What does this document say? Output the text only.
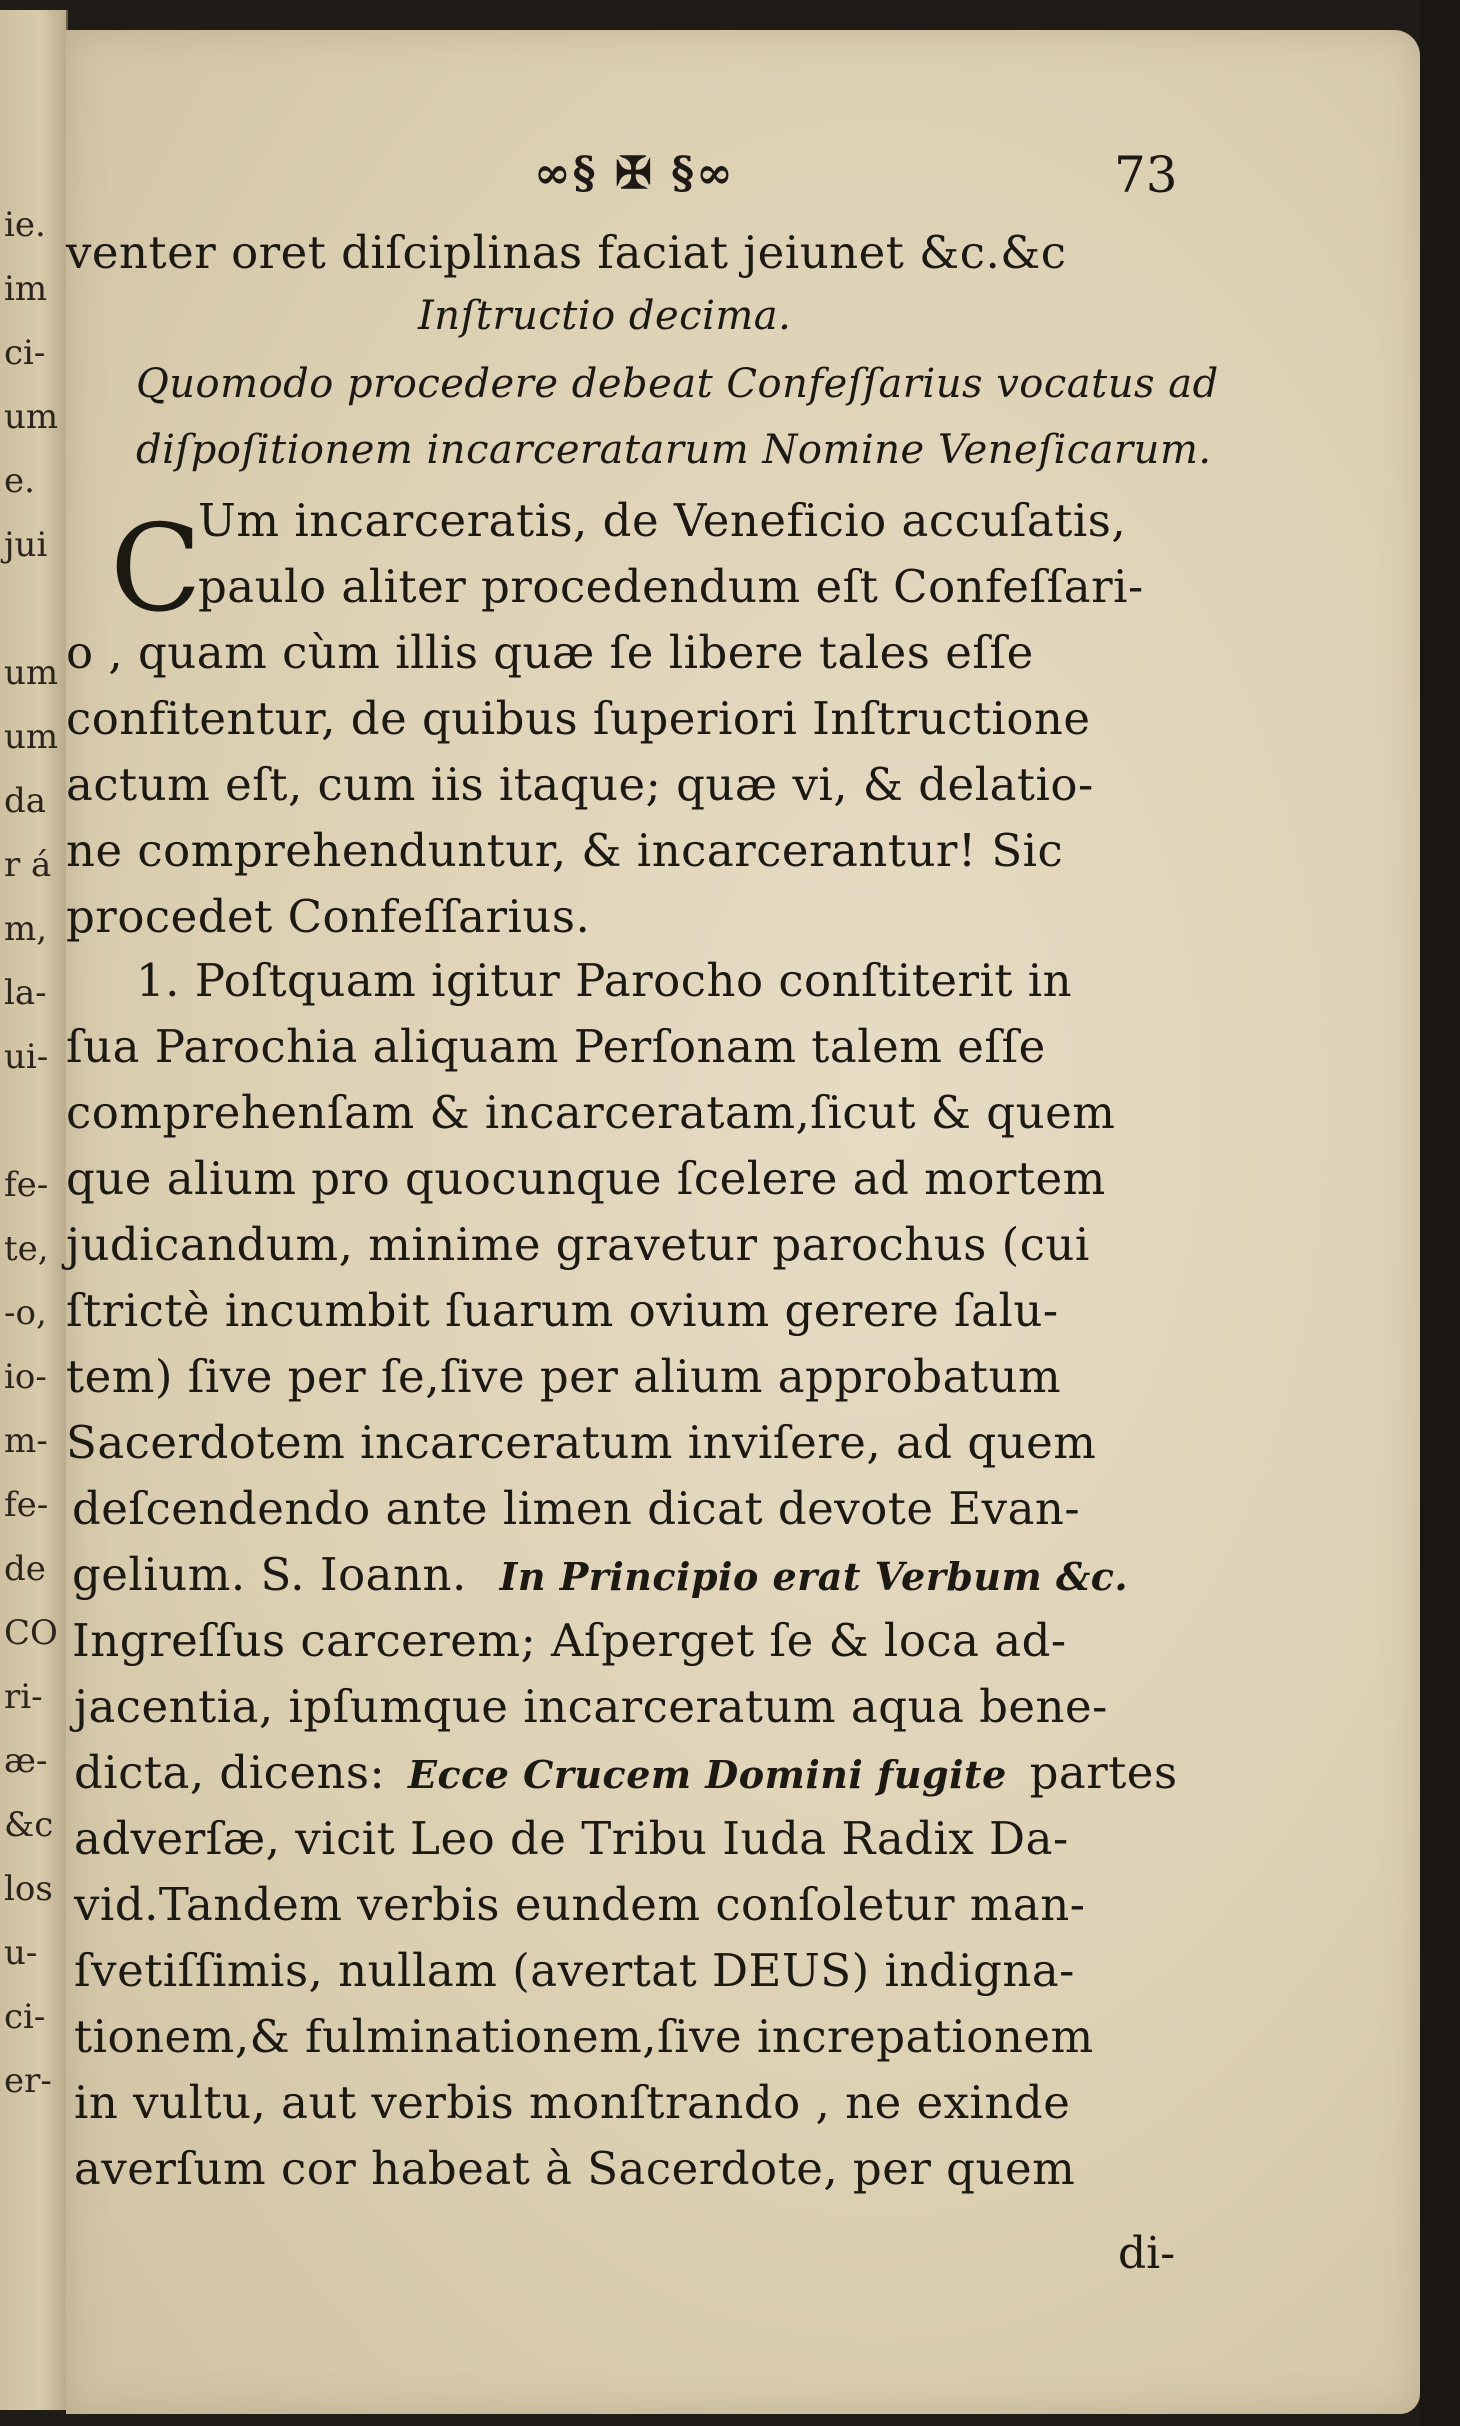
ie.
im
ci-
um
e.
jui
um
um
da
r á
m,
la-
ui-
fe-
te,
-o,
io-
m-
fe-
de
CO
ri-
æ-
&c
los
u-
ci-
er-
∞§ ✠ §∞	73
venter oret diſciplinas faciat jeiunet &c.&c
Inſtructio decima.
Quomodo procedere debeat Confeſſarius vocatus ad
diſpoſitionem incarceratarum Nomine Veneſicarum.
C
Um incarceratis, de Veneficio accuſatis,
paulo aliter procedendum eſt Confeſſari-
o , quam cùm illis quæ ſe libere tales eſſe
confitentur, de quibus ſuperiori Inſtructione
actum eſt, cum iis itaque; quæ vi, & delatio-
ne comprehenduntur, & incarcerantur! Sic
procedet Confeſſarius.
1. Poſtquam igitur Parocho conſtiterit in
ſua Parochia aliquam Perſonam talem eſſe
comprehenſam & incarceratam,ſicut & quem
que alium pro quocunque ſcelere ad mortem
judicandum, minime gravetur parochus (cui
ſtrictè incumbit ſuarum ovium gerere ſalu-
tem) ſive per ſe,ſive per alium approbatum
Sacerdotem incarceratum inviſere, ad quem
deſcendendo ante limen dicat devote Evan-
gelium. S. Ioann. In Principio erat Verbum &c.
Ingreſſus carcerem; Aſperget ſe & loca ad-
jacentia, ipſumque incarceratum aqua bene-
dicta, dicens: Ecce Crucem Domini fugite partes
adverſæ, vicit Leo de Tribu Iuda Radix Da-
vid.Tandem verbis eundem conſoletur man-
ſvetiſſimis, nullam (avertat DEUS) indigna-
tionem,& fulminationem,ſive increpationem
in vultu, aut verbis monſtrando , ne exinde
averſum cor habeat à Sacerdote, per quem
di-
